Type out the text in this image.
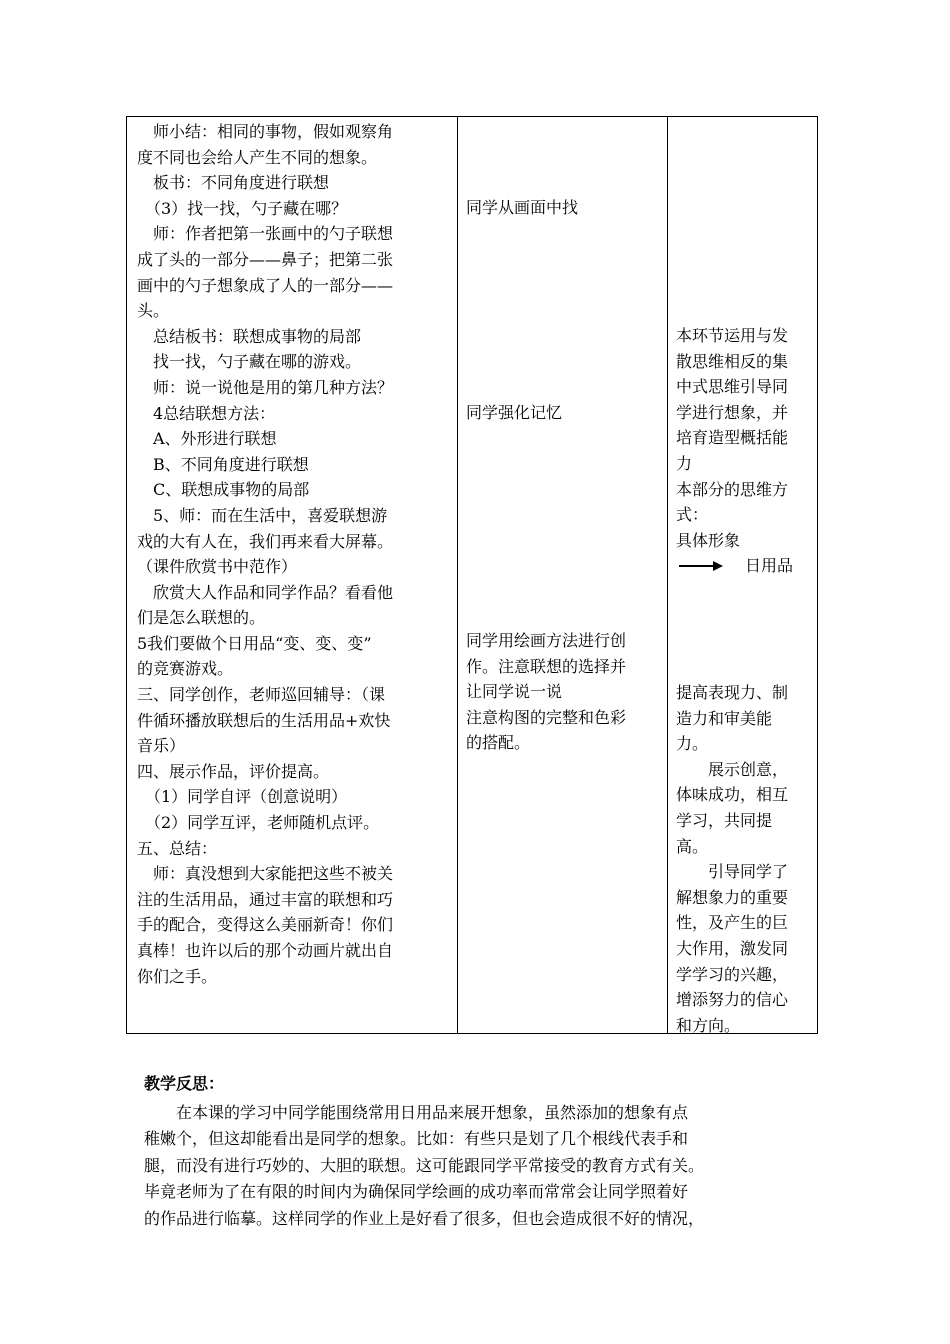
　师小结：相同的事物，假如观察角

度不同也会给人产生不同的想象。

　板书：不同角度进行联想

　（3）找一找，勺子藏在哪？

　师：作者把第一张画中的勺子联想

成了头的一部分——鼻子；把第二张

画中的勺子想象成了人的一部分——

头。

　总结板书：联想成事物的局部

　找一找，勺子藏在哪的游戏。

　师：说一说他是用的第几种方法？

　4总结联想方法：

　A、外形进行联想

　B、不同角度进行联想

　C、联想成事物的局部

　5、师：而在生活中，喜爱联想游

戏的大有人在，我们再来看大屏幕。

（课件欣赏书中范作）

　欣赏大人作品和同学作品？看看他

们是怎么联想的。

5我们要做个日用品“变、变、变”

的竞赛游戏。

三、同学创作，老师巡回辅导：（课

件循环播放联想后的生活用品+欢快

音乐）

四、展示作品，评价提高。

　（1）同学自评（创意说明）

　（2）同学互评，老师随机点评。

五、总结：

　师：真没想到大家能把这些不被关

注的生活用品，通过丰富的联想和巧

手的配合，变得这么美丽新奇！你们

真棒！也许以后的那个动画片就出自

你们之手。

同学从画面中找

同学强化记忆

同学用绘画方法进行创

作。注意联想的选择并

让同学说一说

注意构图的完整和色彩

的搭配。

本环节运用与发

散思维相反的集

中式思维引导同

学进行想象，并

培育造型概括能

力

本部分的思维方

式：

具体形象

日用品

提高表现力、制

造力和审美能

力。

　　展示创意，

体味成功，相互

学习，共同提

高。

　　引导同学了

解想象力的重要

性，及产生的巨

大作用，激发同

学学习的兴趣，

增添努力的信心

和方向。

教学反思：

　　在本课的学习中同学能围绕常用日用品来展开想象，虽然添加的想象有点

稚嫩个，但这却能看出是同学的想象。比如：有些只是划了几个根线代表手和

腿，而没有进行巧妙的、大胆的联想。这可能跟同学平常接受的教育方式有关。

毕竟老师为了在有限的时间内为确保同学绘画的成功率而常常会让同学照着好

的作品进行临摹。这样同学的作业上是好看了很多，但也会造成很不好的情况，
